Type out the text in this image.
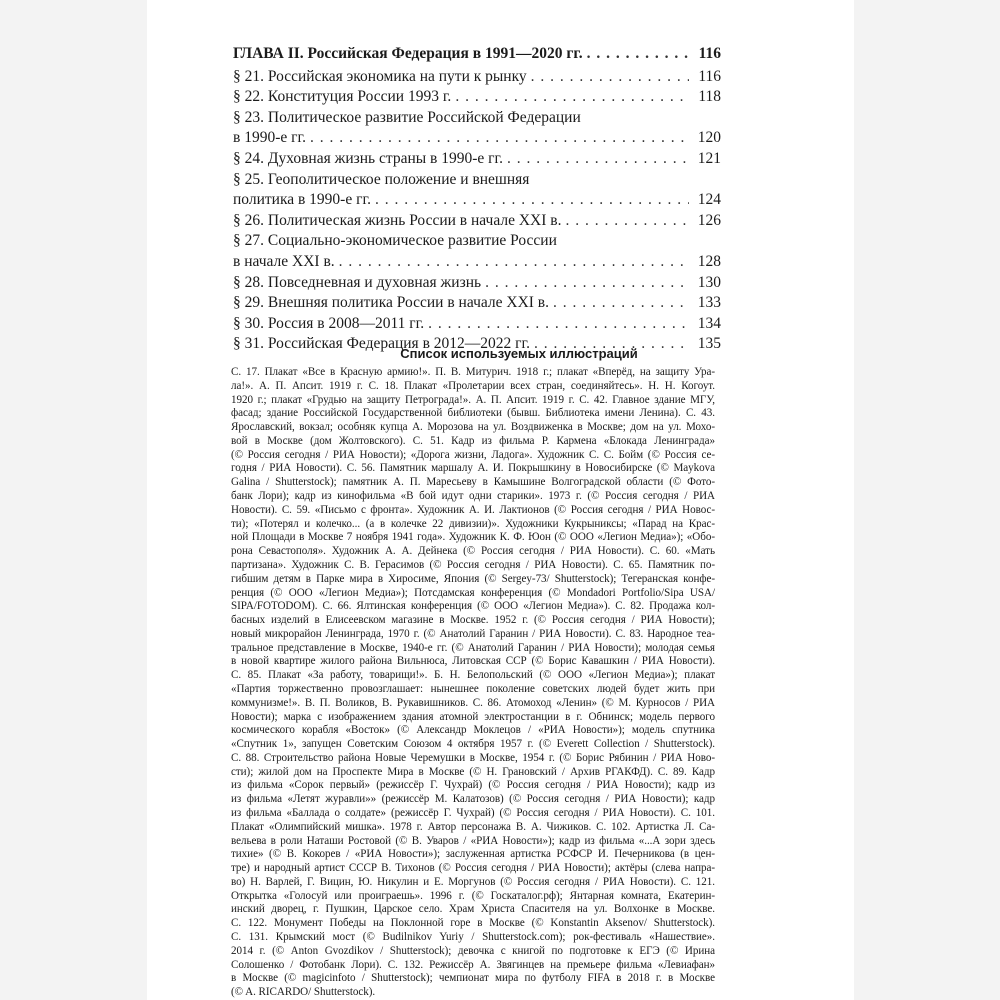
ГЛАВА II. Российская Федерация в 1991—2020 гг. . . .	116
§ 21. Российская экономика на пути к рынку . . .	116
§ 22. Конституция России 1993 г. . . .	118
§ 23. Политическое развитие Российской Федерации
в 1990-е гг. . . .	120
§ 24. Духовная жизнь страны в 1990-е гг. . . .	121
§ 25. Геополитическое положение и внешняя
политика в 1990-е гг. . . .	124
§ 26. Политическая жизнь России в начале XXI в. . . .	126
§ 27. Социально-экономическое развитие России
в начале XXI в. . . .	128
§ 28. Повседневная и духовная жизнь . . .	130
§ 29. Внешняя политика России в начале XXI в. . . .	133
§ 30. Россия в 2008—2011 гг. . . .	134
§ 31. Российская Федерация в 2012—2022 гг. . . .	135
Список используемых иллюстраций
С. 17. Плакат «Все в Красную армию!». П. В. Митурич. 1918 г.; плакат «Вперёд, на защиту Ура-
ла!». А. П. Апсит. 1919 г. С. 18. Плакат «Пролетарии всех стран, соединяйтесь». Н. Н. Когоут.
1920 г.; плакат «Грудью на защиту Петрограда!». А. П. Апсит. 1919 г. С. 42. Главное здание МГУ,
фасад; здание Российской Государственной библиотеки (бывш. Библиотека имени Ленина). С. 43.
Ярославский, вокзал; особняк купца А. Морозова на ул. Воздвиженка в Москве; дом на ул. Мохо-
вой в Москве (дом Жолтовского). С. 51. Кадр из фильма Р. Кармена «Блокада Ленинграда»
(© Россия сегодня / РИА Новости); «Дорога жизни, Ладога». Художник С. С. Бойм (© Россия се-
годня / РИА Новости). С. 56. Памятник маршалу А. И. Покрышкину в Новосибирске (© Maykova
Galina / Shutterstock); памятник А. П. Маресьеву в Камышине Волгоградской области (© Фото-
банк Лори); кадр из кинофильма «В бой идут одни старики». 1973 г. (© Россия сегодня / РИА
Новости). С. 59. «Письмо с фронта». Художник А. И. Лактионов (© Россия сегодня / РИА Новос-
ти); «Потерял и колечко... (а в колечке 22 дивизии)». Художники Кукрыниксы; «Парад на Крас-
ной Площади в Москве 7 ноября 1941 года». Художник К. Ф. Юон (© ООО «Легион Медиа»); «Обо-
рона Севастополя». Художник А. А. Дейнека (© Россия сегодня / РИА Новости). С. 60. «Мать
партизана». Художник С. В. Герасимов (© Россия сегодня / РИА Новости). С. 65. Памятник по-
гибшим детям в Парке мира в Хиросиме, Япония (© Sergey-73/ Shutterstock); Тегеранская конфе-
ренция (© ООО «Легион Медиа»); Потсдамская конференция (© Mondadori Portfolio/Sipa USA/
SIPA/FOTODOM). С. 66. Ялтинская конференция (© ООО «Легион Медиа»). С. 82. Продажа кол-
басных изделий в Елисеевском магазине в Москве. 1952 г. (© Россия сегодня / РИА Новости);
новый микрорайон Ленинграда, 1970 г. (© Анатолий Гаранин / РИА Новости). С. 83. Народное теа-
тральное представление в Москве, 1940-е гг. (© Анатолий Гаранин / РИА Новости); молодая семья
в новой квартире жилого района Вильнюса, Литовская ССР (© Борис Кавашкин / РИА Новости).
С. 85. Плакат «За работу, товарищи!». Б. Н. Белопольский (© ООО «Легион Медиа»); плакат
«Партия торжественно провозглашает: нынешнее поколение советских людей будет жить при
коммунизме!». В. П. Воликов, В. Рукавишников. С. 86. Атомоход «Ленин» (© М. Курносов / РИА
Новости); марка с изображением здания атомной электростанции в г. Обнинск; модель первого
космического корабля «Восток» (© Александр Моклецов / «РИА Новости»); модель спутника
«Спутник 1», запущен Советским Союзом 4 октября 1957 г. (© Everett Collection / Shutterstock).
С. 88. Строительство района Новые Черемушки в Москве, 1954 г. (© Борис Рябинин / РИА Ново-
сти); жилой дом на Проспекте Мира в Москве (© Н. Грановский / Архив РГАКФД). С. 89. Кадр
из фильма «Сорок первый» (режиссёр Г. Чухрай) (© Россия сегодня / РИА Новости); кадр из
из фильма «Летят журавли»» (режиссёр М. Калатозов) (© Россия сегодня / РИА Новости); кадр
из фильма «Баллада о солдате» (режиссёр Г. Чухрай) (© Россия сегодня / РИА Новости). С. 101.
Плакат «Олимпийский мишка». 1978 г. Автор персонажа В. А. Чижиков. С. 102. Артистка Л. Са-
вельева в роли Наташи Ростовой (© В. Уваров / «РИА Новости»); кадр из фильма «...А зори здесь
тихие» (© В. Кокорев / «РИА Новости»); заслуженная артистка РСФСР И. Печерникова (в цен-
тре) и народный артист СССР В. Тихонов (© Россия сегодня / РИА Новости); актёры (слева напра-
во) Н. Варлей, Г. Вицин, Ю. Никулин и Е. Моргунов (© Россия сегодня / РИА Новости). С. 121.
Открытка «Голосуй или проиграешь». 1996 г. (© Госкаталог.рф); Янтарная комната, Екатерин-
инский дворец, г. Пушкин, Царское село. Храм Христа Спасителя на ул. Волхонке в Москве.
С. 122. Монумент Победы на Поклонной горе в Москве (© Konstantin Aksenov/ Shutterstock).
С. 131. Крымский мост (© Budilnikov Yuriy / Shutterstock.com); рок-фестиваль «Нашествие».
2014 г. (© Anton Gvozdikov / Shutterstock); девочка с книгой по подготовке к ЕГЭ (© Ирина
Солошенко / Фотобанк Лори). С. 132. Режиссёр А. Звягинцев на премьере фильма «Левиафан»
в Москве (© magicinfoto / Shutterstock); чемпионат мира по футболу FIFA в 2018 г. в Москве
(© A. RICARDO/ Shutterstock).
